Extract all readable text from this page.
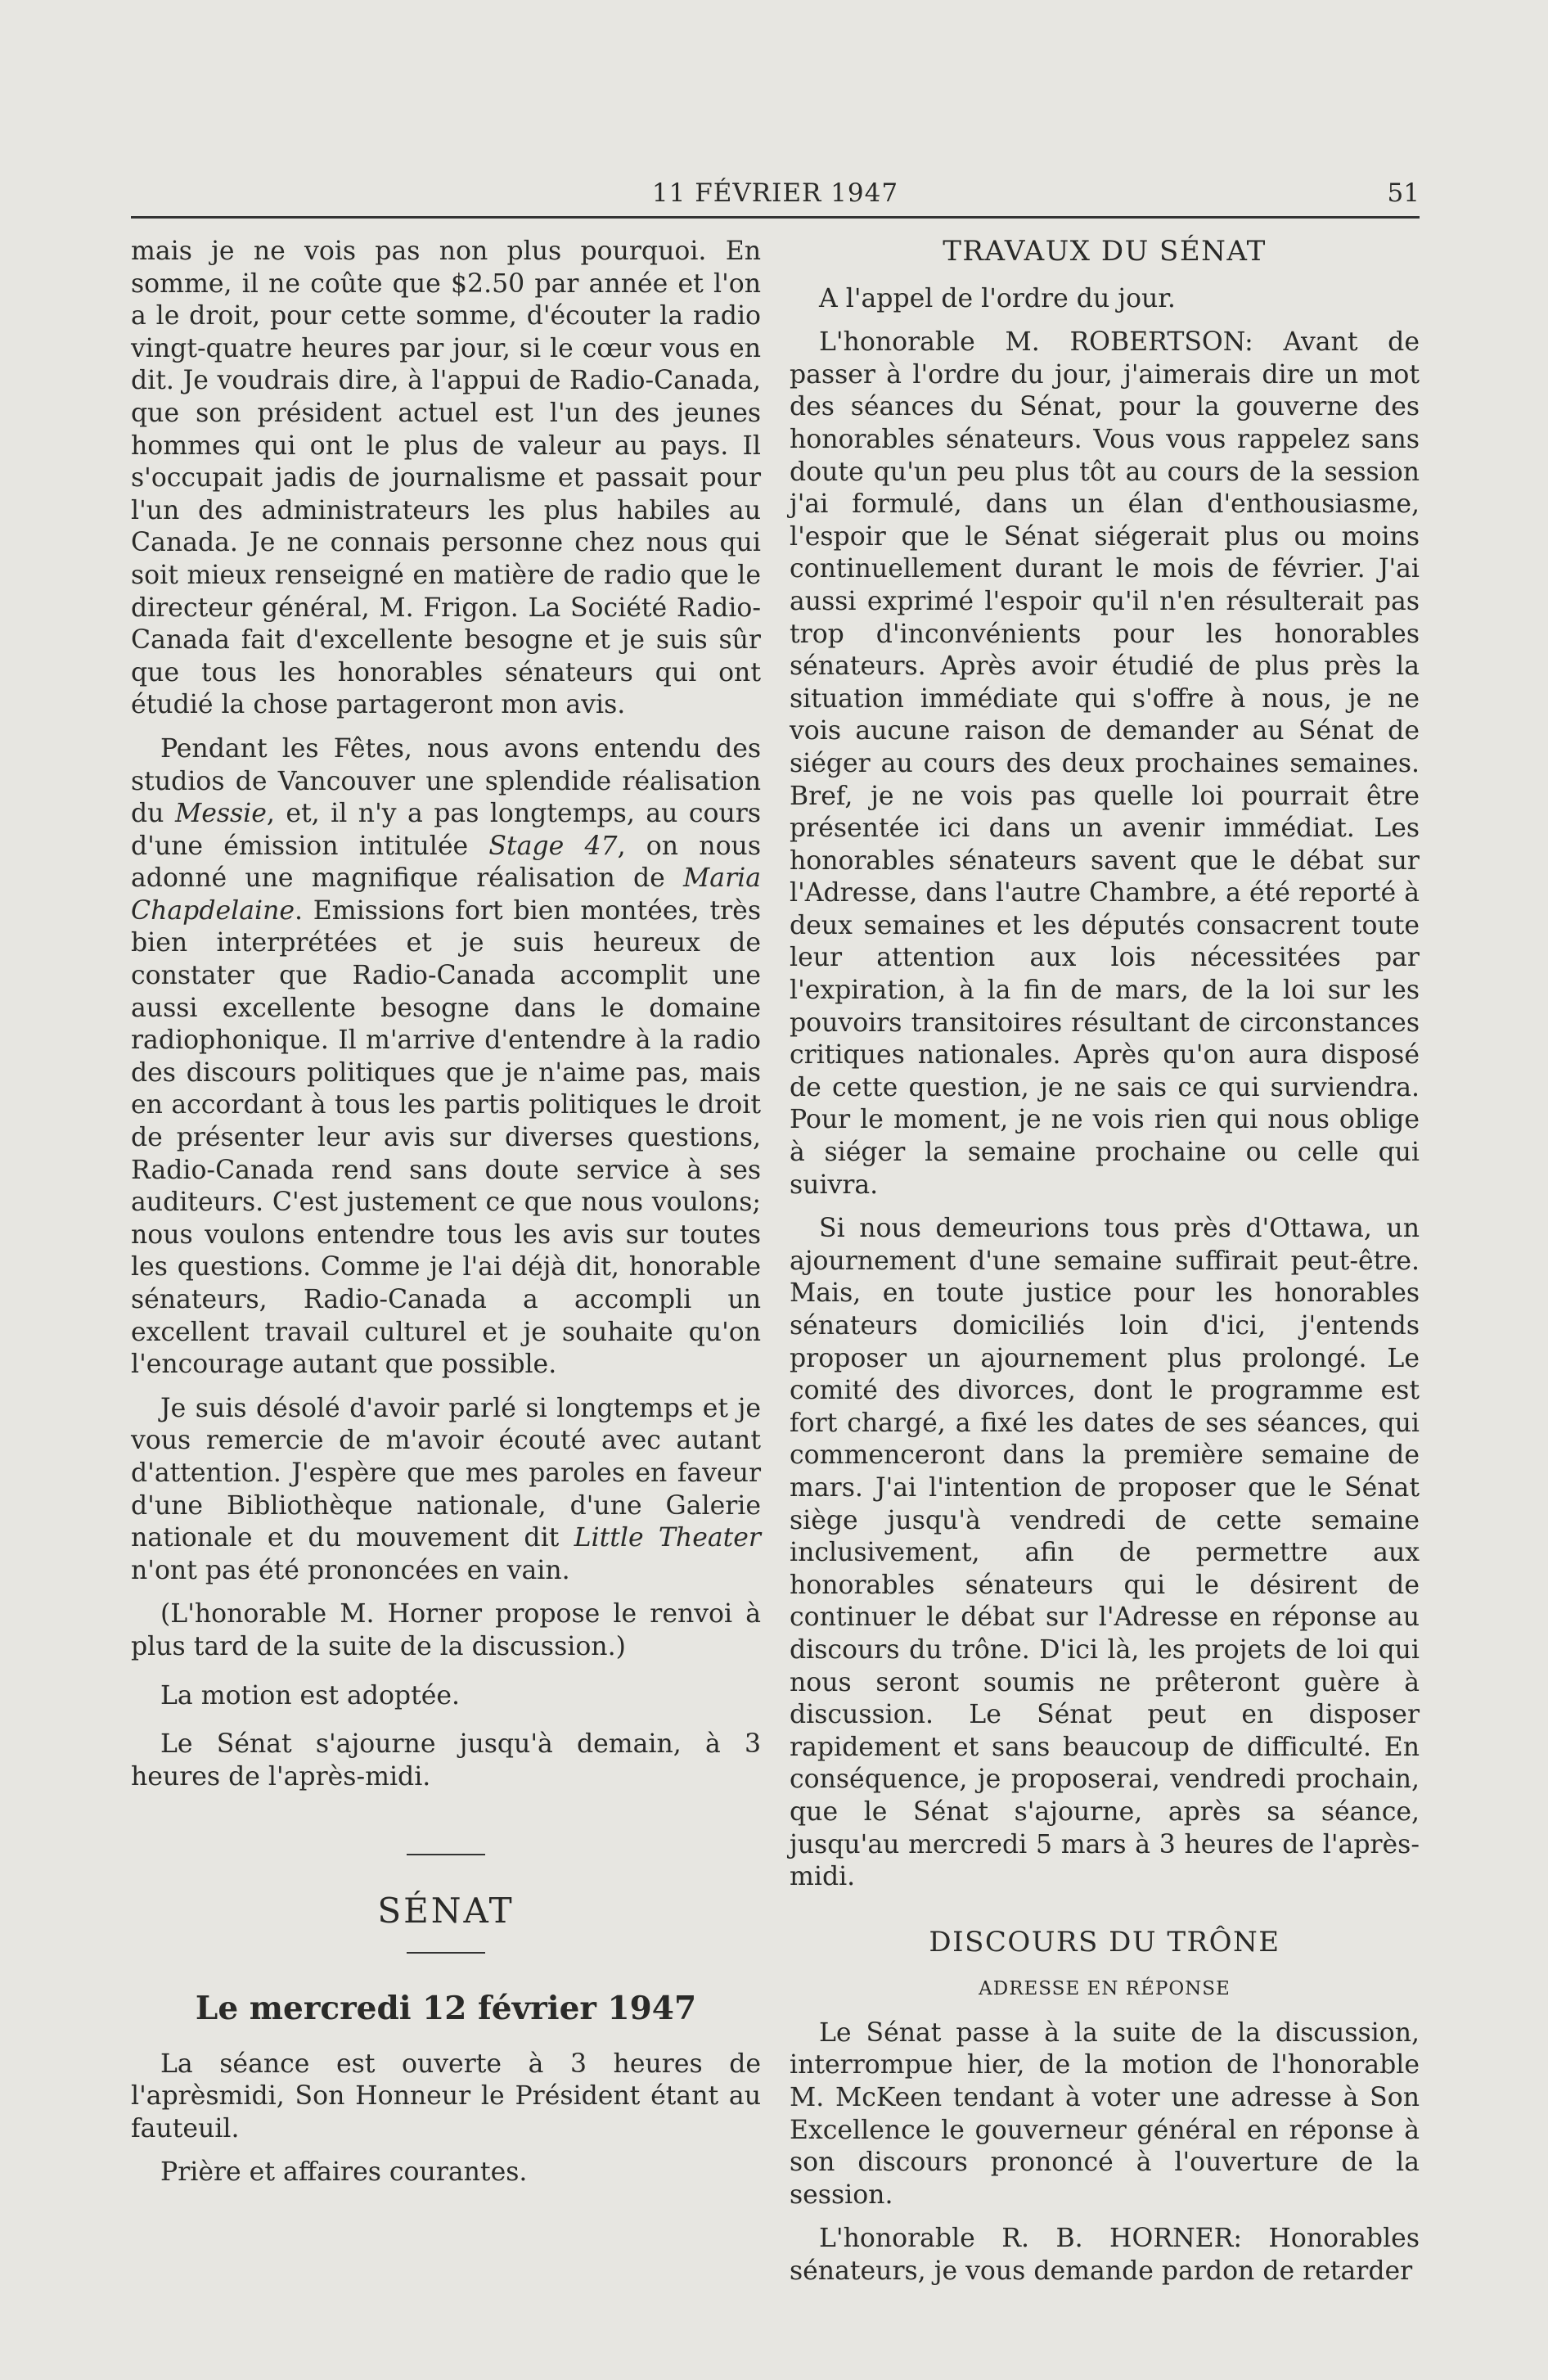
11 FÉVRIER 1947	51

mais je ne vois pas non plus pourquoi. En somme, il ne coûte que $2.50 par année et l'on a le droit, pour cette somme, d'écouter la radio vingt-quatre heures par jour, si le cœur vous en dit. Je voudrais dire, à l'appui de Radio-Canada, que son président actuel est l'un des jeunes hommes qui ont le plus de valeur au pays. Il s'occupait jadis de journalisme et passait pour l'un des administrateurs les plus habiles au Canada. Je ne connais personne chez nous qui soit mieux renseigné en matière de radio que le directeur général, M. Frigon. La Société Radio-Canada fait d'excellente besogne et je suis sûr que tous les honorables sénateurs qui ont étudié la chose partageront mon avis.

Pendant les Fêtes, nous avons entendu des studios de Vancouver une splendide réalisation du Messie, et, il n'y a pas longtemps, au cours d'une émission intitulée Stage 47, on nous adonné une magnifique réalisation de Maria Chapdelaine. Emissions fort bien montées, très bien interprétées et je suis heureux de constater que Radio-Canada accomplit une aussi excellente besogne dans le domaine radiophonique. Il m'arrive d'entendre à la radio des discours politiques que je n'aime pas, mais en accordant à tous les partis politiques le droit de présenter leur avis sur diverses questions, Radio-Canada rend sans doute service à ses auditeurs. C'est justement ce que nous voulons; nous voulons entendre tous les avis sur toutes les questions. Comme je l'ai déjà dit, honorable sénateurs, Radio-Canada a accompli un excellent travail culturel et je souhaite qu'on l'encourage autant que possible.

Je suis désolé d'avoir parlé si longtemps et je vous remercie de m'avoir écouté avec autant d'attention. J'espère que mes paroles en faveur d'une Bibliothèque nationale, d'une Galerie nationale et du mouvement dit Little Theater n'ont pas été prononcées en vain.

(L'honorable M. Horner propose le renvoi à plus tard de la suite de la discussion.)

La motion est adoptée.

Le Sénat s'ajourne jusqu'à demain, à 3 heures de l'après-midi.

SÉNAT
Le mercredi 12 février 1947

La séance est ouverte à 3 heures de l'aprèsmidi, Son Honneur le Président étant au fauteuil.

Prière et affaires courantes.

TRAVAUX DU SÉNAT

A l'appel de l'ordre du jour.

L'honorable M. ROBERTSON: Avant de passer à l'ordre du jour, j'aimerais dire un mot des séances du Sénat, pour la gouverne des honorables sénateurs. Vous vous rappelez sans doute qu'un peu plus tôt au cours de la session j'ai formulé, dans un élan d'enthousiasme, l'espoir que le Sénat siégerait plus ou moins continuellement durant le mois de février. J'ai aussi exprimé l'espoir qu'il n'en résulterait pas trop d'inconvénients pour les honorables sénateurs. Après avoir étudié de plus près la situation immédiate qui s'offre à nous, je ne vois aucune raison de demander au Sénat de siéger au cours des deux prochaines semaines. Bref, je ne vois pas quelle loi pourrait être présentée ici dans un avenir immédiat. Les honorables sénateurs savent que le débat sur l'Adresse, dans l'autre Chambre, a été reporté à deux semaines et les députés consacrent toute leur attention aux lois nécessitées par l'expiration, à la fin de mars, de la loi sur les pouvoirs transitoires résultant de circonstances critiques nationales. Après qu'on aura disposé de cette question, je ne sais ce qui surviendra. Pour le moment, je ne vois rien qui nous oblige à siéger la semaine prochaine ou celle qui suivra.

Si nous demeurions tous près d'Ottawa, un ajournement d'une semaine suffirait peut-être. Mais, en toute justice pour les honorables sénateurs domiciliés loin d'ici, j'entends proposer un ajournement plus prolongé. Le comité des divorces, dont le programme est fort chargé, a fixé les dates de ses séances, qui commenceront dans la première semaine de mars. J'ai l'intention de proposer que le Sénat siège jusqu'à vendredi de cette semaine inclusivement, afin de permettre aux honorables sénateurs qui le désirent de continuer le débat sur l'Adresse en réponse au discours du trône. D'ici là, les projets de loi qui nous seront soumis ne prêteront guère à discussion. Le Sénat peut en disposer rapidement et sans beaucoup de difficulté. En conséquence, je proposerai, vendredi prochain, que le Sénat s'ajourne, après sa séance, jusqu'au mercredi 5 mars à 3 heures de l'après-midi.

DISCOURS DU TRÔNE
ADRESSE EN RÉPONSE

Le Sénat passe à la suite de la discussion, interrompue hier, de la motion de l'honorable M. McKeen tendant à voter une adresse à Son Excellence le gouverneur général en réponse à son discours prononcé à l'ouverture de la session.

L'honorable R. B. HORNER: Honorables sénateurs, je vous demande pardon de retarder
